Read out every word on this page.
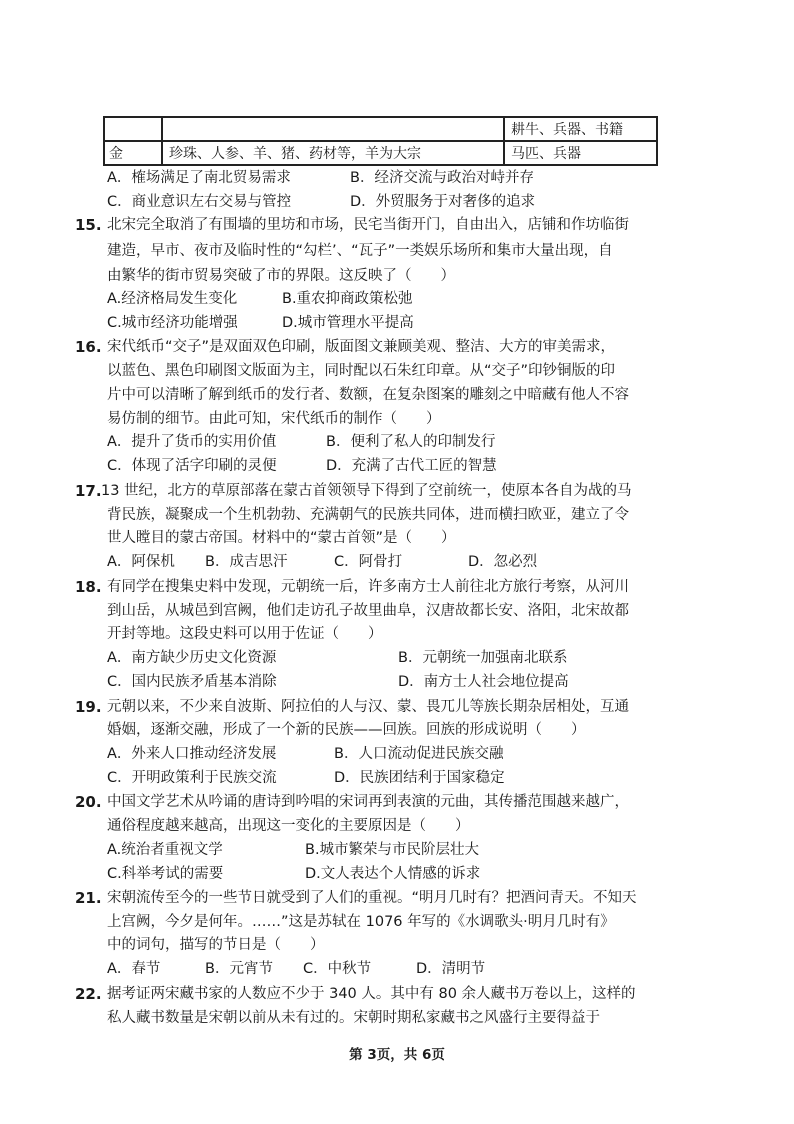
		耕牛、兵器、书籍
金	珍珠、人参、羊、猪、药材等，羊为大宗	马匹、兵器
A．榷场满足了南北贸易需求	B．经济交流与政治对峙并存
C．商业意识左右交易与管控	D．外贸服务于对奢侈的追求
15. 北宋完全取消了有围墙的里坊和市场，民宅当街开门，自由出入，店铺和作坊临街
建造，早市、夜市及临时性的“勾栏’、“瓦子”一类娱乐场所和集市大量出现，自
由繁华的街市贸易突破了市的界限。这反映了（　　）
A.经济格局发生变化	B.重农抑商政策松弛
C.城市经济功能增强	D.城市管理水平提高
16. 宋代纸币“交子”是双面双色印刷，版面图文兼顾美观、整洁、大方的审美需求，
以蓝色、黑色印刷图文版面为主，同时配以石朱红印章。从“交子”印钞铜版的印
片中可以清晰了解到纸币的发行者、数额，在复杂图案的雕刻之中暗藏有他人不容
易仿制的细节。由此可知，宋代纸币的制作（　　）
A．提升了货币的实用价值	B．便利了私人的印制发行
C．体现了活字印刷的灵便	D．充满了古代工匠的智慧
17. 13 世纪，北方的草原部落在蒙古首领领导下得到了空前统一，使原本各自为战的马
背民族，凝聚成一个生机勃勃、充满朝气的民族共同体，进而横扫欧亚，建立了令
世人瞠目的蒙古帝国。材料中的“蒙古首领”是（　　）
A．阿保机 B．成吉思汗	C．阿骨打	D．忽必烈
18. 有同学在搜集史料中发现，元朝统一后，许多南方士人前往北方旅行考察，从河川
到山岳，从城邑到宫阙，他们走访孔子故里曲阜，汉唐故都长安、洛阳，北宋故都
开封等地。这段史料可以用于佐证（　　）
A．南方缺少历史文化资源	B．元朝统一加强南北联系
C．国内民族矛盾基本消除	D．南方士人社会地位提高
19. 元朝以来，不少来自波斯、阿拉伯的人与汉、蒙、畏兀儿等族长期杂居相处，互通
婚姻，逐渐交融，形成了一个新的民族——回族。回族的形成说明（　　）
A．外来人口推动经济发展	B．人口流动促进民族交融
C．开明政策利于民族交流	D．民族团结利于国家稳定
20. 中国文学艺术从吟诵的唐诗到吟唱的宋词再到表演的元曲，其传播范围越来越广，
通俗程度越来越高，出现这一变化的主要原因是（　　）
A.统治者重视文学	B.城市繁荣与市民阶层壮大
C.科举考试的需要	D.文人表达个人情感的诉求
21. 宋朝流传至今的一些节日就受到了人们的重视。“明月几时有？把酒问青天。不知天
上宫阙，今夕是何年。……”这是苏轼在 1076 年写的《水调歌头·明月几时有》
中的词句，描写的节日是（　　）
A．春节	B．元宵节 C．中秋节	D．清明节
22. 据考证两宋藏书家的人数应不少于 340 人。其中有 80 余人藏书万卷以上，这样的
私人藏书数量是宋朝以前从未有过的。宋朝时期私家藏书之风盛行主要得益于
第 3页，共 6页
